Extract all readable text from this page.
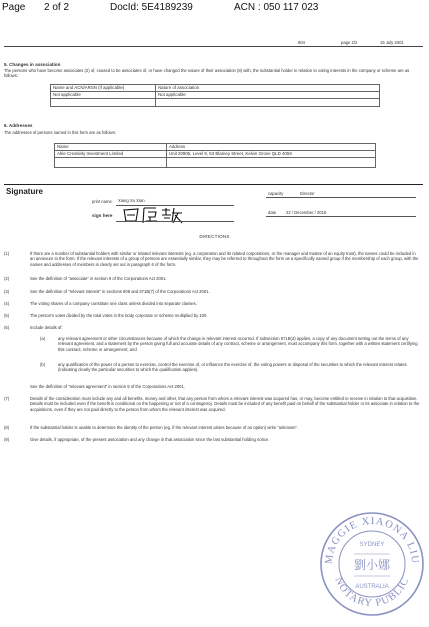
Page 2 of 2	DocId: 5E4189239	ACN : 050 117 023
604	page 2/2	15 July 2001
5. Changes in association
The persons who have become associates (2) of, ceased to be associates of, or have changed the nature of their association (8) with, the substantial holder in relation to voting interests in the company or scheme are as follows:
Name and ACN/ARSN (if applicable)	Nature of association
Not applicable	Not applicable

6. Addresses
The addresses of persons named in this form are as follows:
Name	Address
Able Creativity Investment Limited	Unit 20905, Level 9, 53 Blamey Street, Kelvin Grove QLD 4059

Signature
print name Xiang Xu Xian
capacity	Director
sign here
date 22 / December / 2016
DIRECTIONS
(1)	If there are a number of substantial holders with similar or related relevant interests (eg. a corporation and its related corporations, or the manager and trustee of an equity trust), the names could be included in an annexure to the form. If the relevant interests of a group of persons are essentially similar, they may be referred to throughout the form as a specifically named group if the membership of each group, with the names and addresses of members is clearly set out in paragraph 6 of the form.
(2)	See the definition of "associate" in section 9 of the Corporations Act 2001.
(3)	See the definition of "relevant interest" in sections 608 and 671B(7) of the Corporations Act 2001.
(4)	The voting shares of a company constitute one class unless divided into separate classes.
(5)	The person's votes divided by the total votes in the body corporate or scheme multiplied by 100.
(6)	Include details of:
(a)	any relevant agreement or other circumstances because of which the change in relevant interest occurred. If subsection 671B(4) applies, a copy of any document setting out the terms of any relevant agreement, and a statement by the person giving full and accurate details of any contract, scheme or arrangement, must accompany this form, together with a written statement certifying this contract, scheme or arrangement; and
(b)	any qualification of the power of a person to exercise, control the exercise of, or influence the exercise of, the voting powers or disposal of the securities to which the relevant interest relates (indicating clearly the particular securities to which the qualification applies).
See the definition of "relevant agreement" in section 9 of the Corporations Act 2001.
(7)	Details of the consideration must include any and all benefits, money and other, that any person from whom a relevant interest was acquired has, or may, become entitled to receive in relation to that acquisition. Details must be included even if the benefit is conditional on the happening or not of a contingency. Details must be included of any benefit paid on behalf of the substantial holder or its associate in relation to the acquisitions, even if they are not paid directly to the person from whom the relevant interest was acquired.
(8)	If the substantial holder is unable to determine the identity of the person (eg. if the relevant interest arises because of an option) write "unknown".
(9)	Give details, if appropriate, of the present association and any change in that association since the last substantial holding notice.
MAGGIE XIAONA LIU
NOTARY PUBLIC
SYDNEY
劉小娜
AUSTRALIA
